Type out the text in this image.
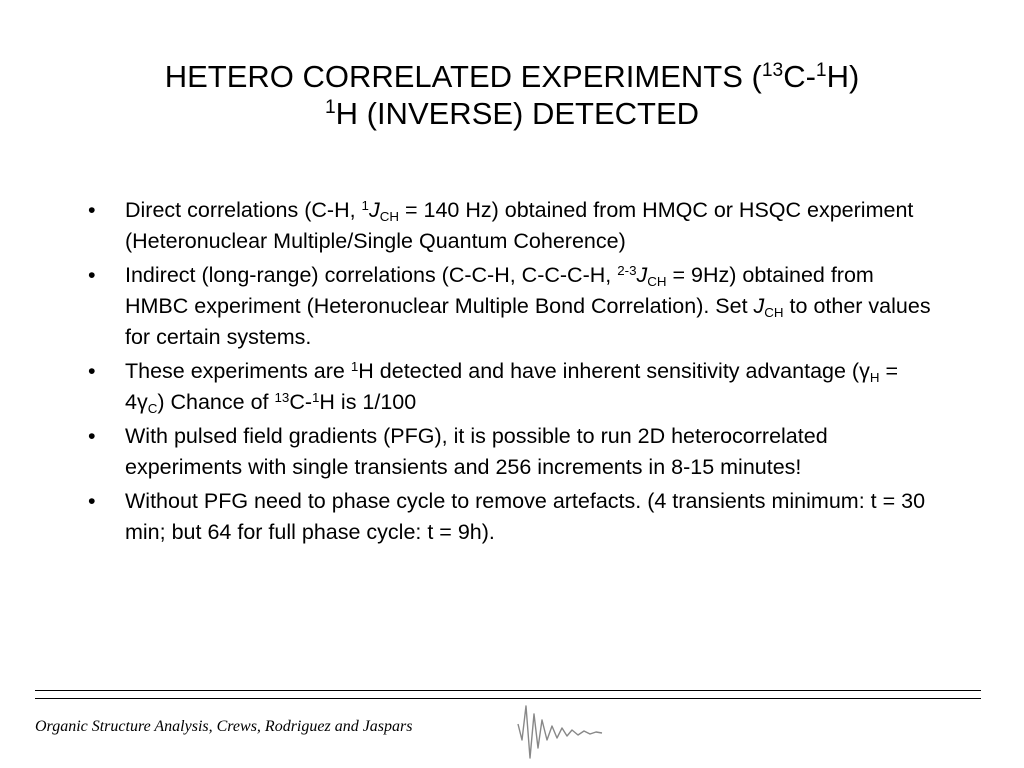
HETERO CORRELATED EXPERIMENTS ($^{13}$C-$^1$H)
$^1$H (INVERSE) DETECTED
• Direct correlations (C-H, $^1J_{CH} = 140$ Hz) obtained from HMQC or HSQC experiment (Heteronuclear Multiple/Single Quantum Coherence)
• Indirect (long-range) correlations (C-C-H, C-C-C-H, $^{2-3}J_{CH} = 9Hz$) obtained from HMBC experiment (Heteronuclear Multiple Bond Correlation). Set $J_{CH}$ to other values for certain systems.
• These experiments are $^1$H detected and have inherent sensitivity advantage $(\gamma_H = 4\gamma_C)$ Chance of $^{13}$C-$^1$H is 1/100
• With pulsed field gradients (PFG), it is possible to run 2D heterocorrelated experiments with single transients and 256 increments in 8-15 minutes!
• Without PFG need to phase cycle to remove artefacts. (4 transients minimum: t = 30 min; but 64 for full phase cycle: t = 9h).
Organic Structure Analysis, Crews, Rodriguez and Jaspars
